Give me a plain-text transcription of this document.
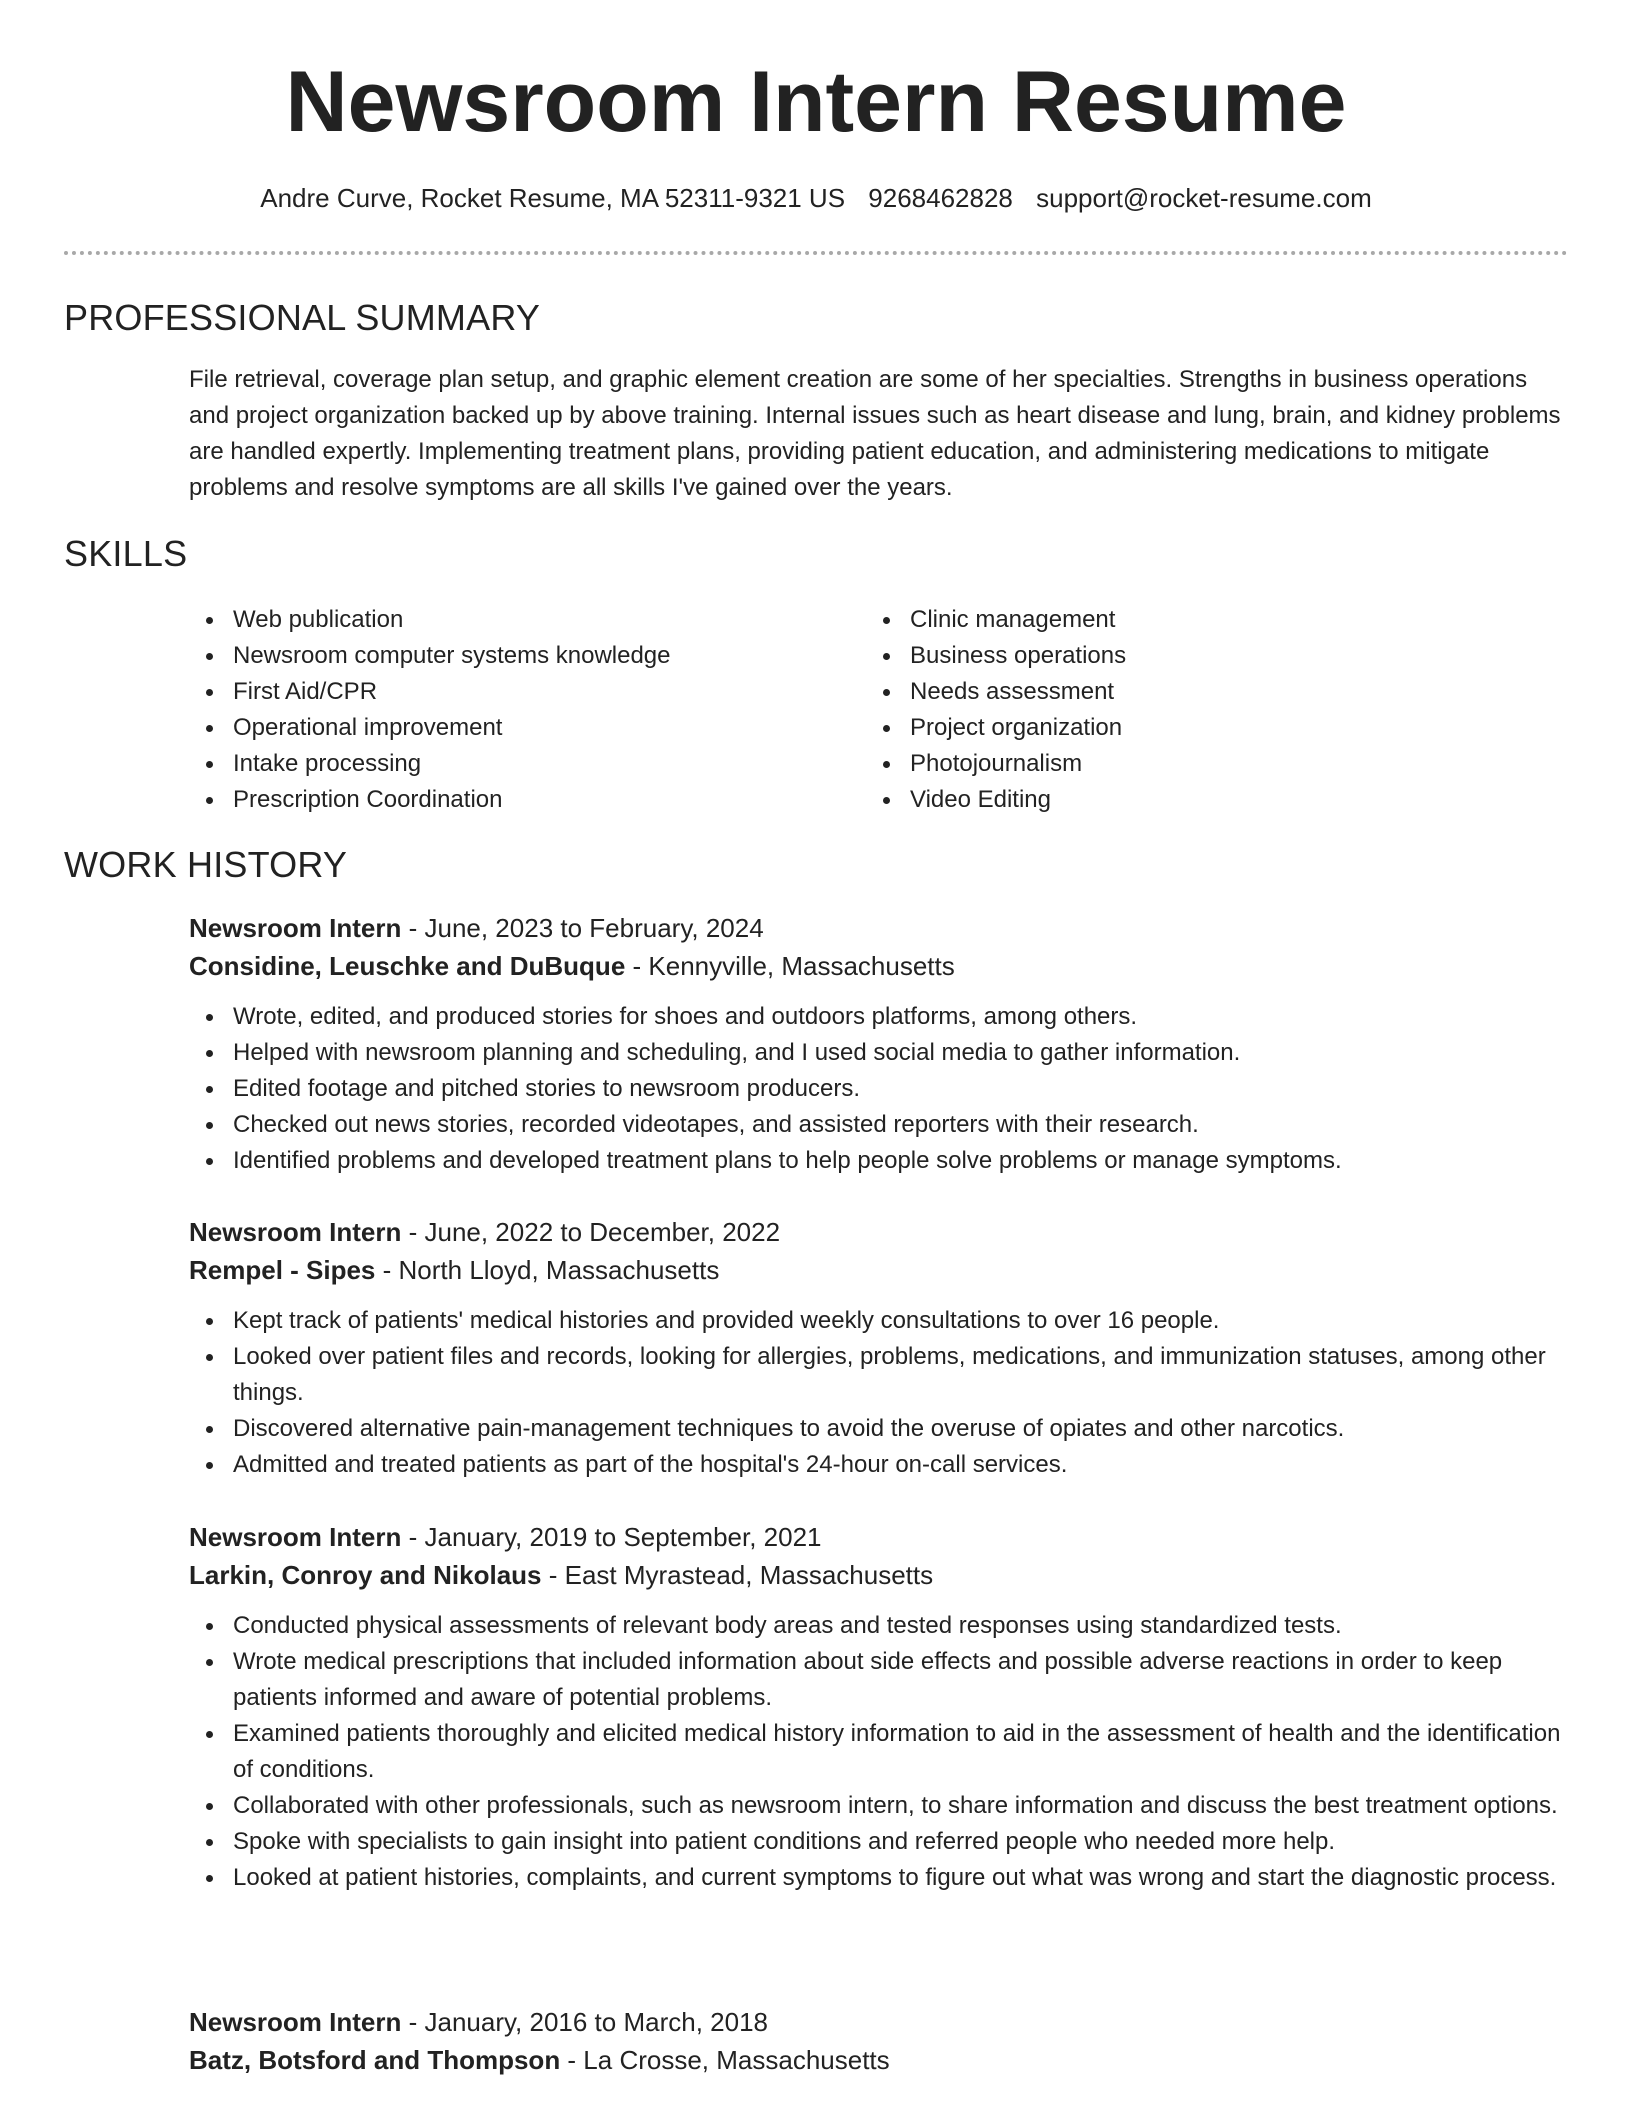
Newsroom Intern Resume
Andre Curve, Rocket Resume, MA 52311-9321 US 9268462828 support@rocket-resume.com
PROFESSIONAL SUMMARY

File retrieval, coverage plan setup, and graphic element creation are some of her specialties. Strengths in business operations and project organization backed up by above training. Internal issues such as heart disease and lung, brain, and kidney problems are handled expertly. Implementing treatment plans, providing patient education, and administering medications to mitigate problems and resolve symptoms are all skills I've gained over the years.

SKILLS
Web publication
Newsroom computer systems knowledge
First Aid/CPR
Operational improvement
Intake processing
Prescription Coordination
Clinic management
Business operations
Needs assessment
Project organization
Photojournalism
Video Editing
WORK HISTORY

Newsroom Intern - June, 2023 to February, 2024

Considine, Leuschke and DuBuque - Kennyville, Massachusetts

Wrote, edited, and produced stories for shoes and outdoors platforms, among others.
Helped with newsroom planning and scheduling, and I used social media to gather information.
Edited footage and pitched stories to newsroom producers.
Checked out news stories, recorded videotapes, and assisted reporters with their research.
Identified problems and developed treatment plans to help people solve problems or manage symptoms.

Newsroom Intern - June, 2022 to December, 2022

Rempel - Sipes - North Lloyd, Massachusetts

Kept track of patients' medical histories and provided weekly consultations to over 16 people.
Looked over patient files and records, looking for allergies, problems, medications, and immunization statuses, among other things.
Discovered alternative pain-management techniques to avoid the overuse of opiates and other narcotics.
Admitted and treated patients as part of the hospital's 24-hour on-call services.

Newsroom Intern - January, 2019 to September, 2021

Larkin, Conroy and Nikolaus - East Myrastead, Massachusetts

Conducted physical assessments of relevant body areas and tested responses using standardized tests.
Wrote medical prescriptions that included information about side effects and possible adverse reactions in order to keep patients informed and aware of potential problems.
Examined patients thoroughly and elicited medical history information to aid in the assessment of health and the identification of conditions.
Collaborated with other professionals, such as newsroom intern, to share information and discuss the best treatment options.
Spoke with specialists to gain insight into patient conditions and referred people who needed more help.
Looked at patient histories, complaints, and current symptoms to figure out what was wrong and start the diagnostic process.

Newsroom Intern - January, 2016 to March, 2018

Batz, Botsford and Thompson - La Crosse, Massachusetts
